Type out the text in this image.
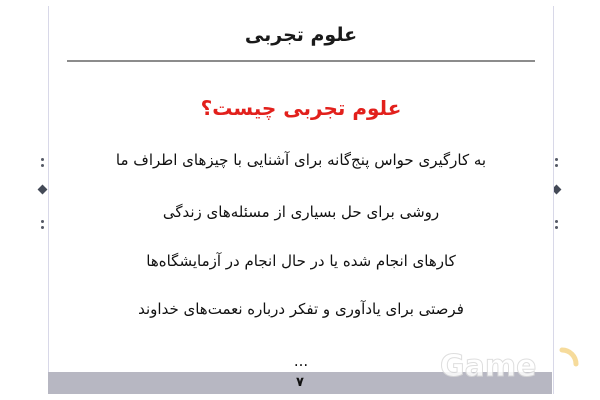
علوم تجربی
علوم تجربی چیست؟
به کارگیری حواس پنج‌گانه برای آشنایی با چیزهای اطراف ما
روشی برای حل بسیاری از مسئله‌های زندگی
کارهای انجام شده یا در حال انجام در آزمایشگاه‌ها
فرصتی برای یادآوری و تفکر درباره نعمت‌های خداوند
...
۷	Game
